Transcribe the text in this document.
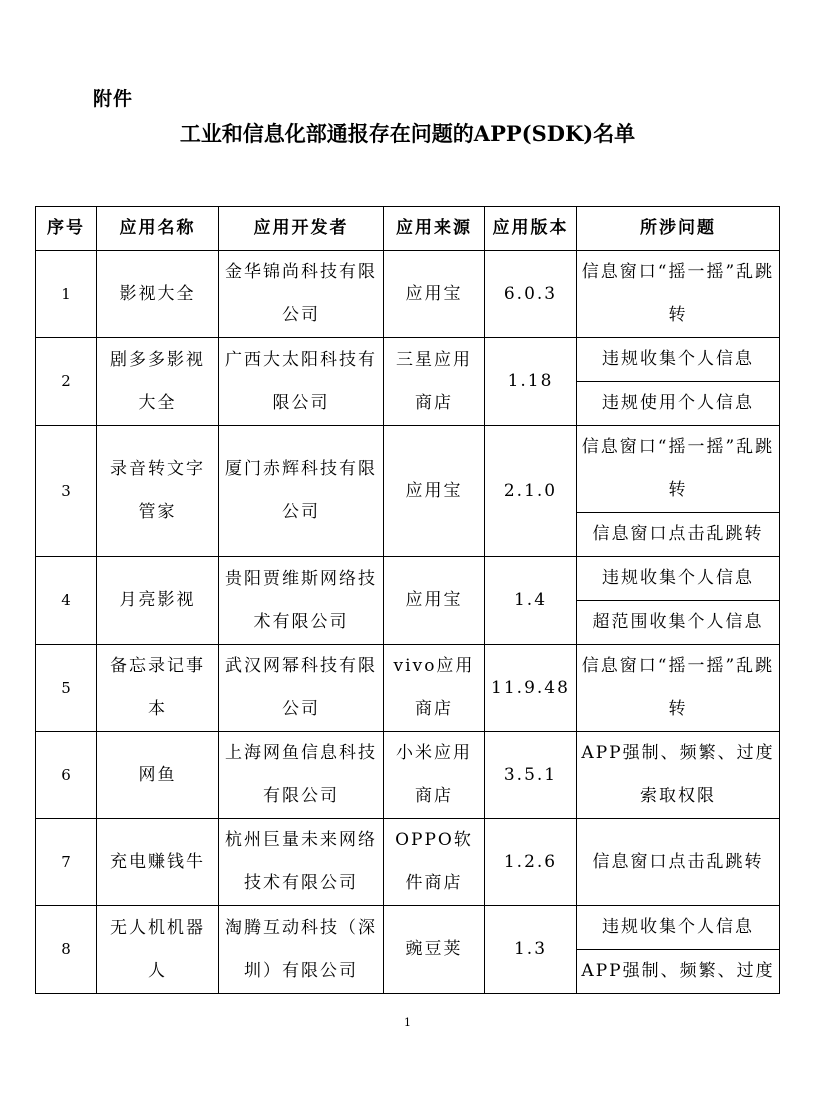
附件
工业和信息化部通报存在问题的APP(SDK)名单
序号	应用名称	应用开发者	应用来源	应用版本	所涉问题
1	影视大全	金华锦尚科技有限公司	应用宝	6.0.3	信息窗口“摇一摇”乱跳转
2	剧多多影视大全	广西大太阳科技有限公司	三星应用商店	1.18	违规收集个人信息
					违规使用个人信息
3	录音转文字管家	厦门赤辉科技有限公司	应用宝	2.1.0	信息窗口“摇一摇”乱跳转
					信息窗口点击乱跳转
4	月亮影视	贵阳贾维斯网络技术有限公司	应用宝	1.4	违规收集个人信息
					超范围收集个人信息
5	备忘录记事本	武汉网幂科技有限公司	vivo应用商店	11.9.48	信息窗口“摇一摇”乱跳转
6	网鱼	上海网鱼信息科技有限公司	小米应用商店	3.5.1	APP强制、频繁、过度索取权限
7	充电赚钱牛	杭州巨量未来网络技术有限公司	OPPO软件商店	1.2.6	信息窗口点击乱跳转
8	无人机机器人	淘腾互动科技（深圳）有限公司	豌豆荚	1.3	违规收集个人信息
					APP强制、频繁、过度
1
